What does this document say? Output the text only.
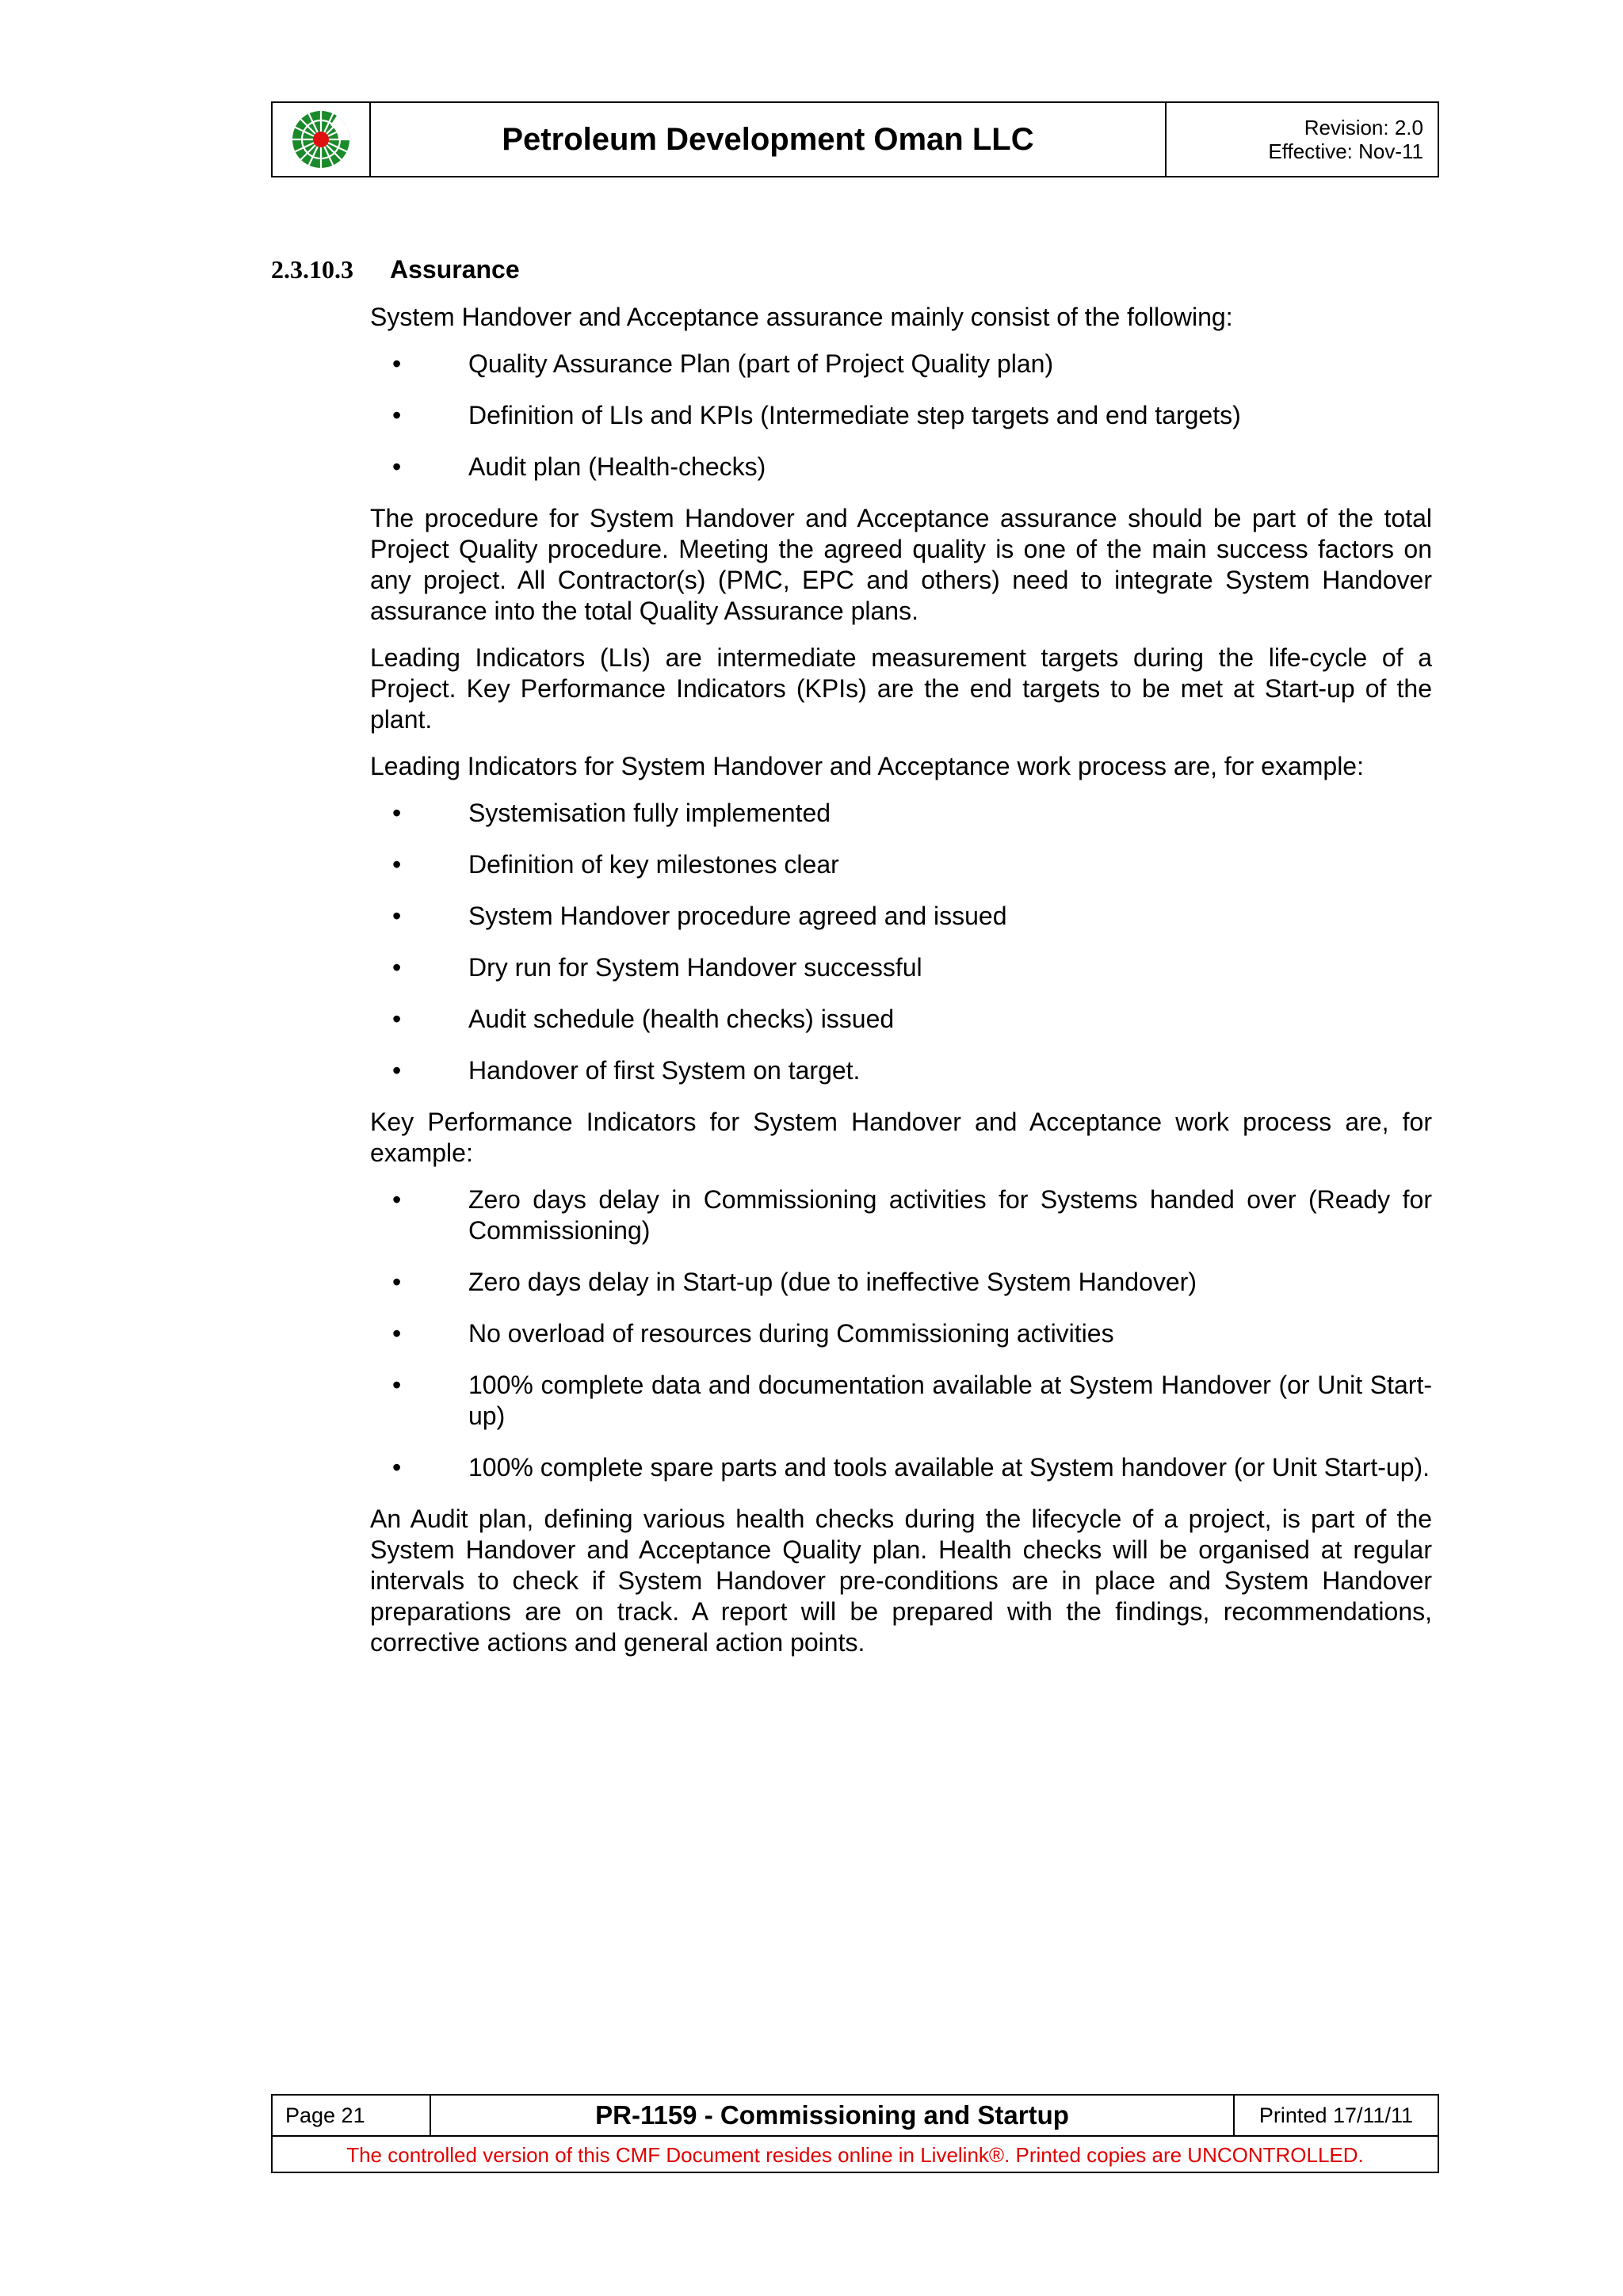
Petroleum Development Oman LLC	Revision: 2.0
Effective: Nov-11
2.3.10.3 Assurance

System Handover and Acceptance assurance mainly consist of the following:

•	Quality Assurance Plan (part of Project Quality plan)
•	Definition of LIs and KPIs (Intermediate step targets and end targets)
•	Audit plan (Health-checks)

The procedure for System Handover and Acceptance assurance should be part of the total Project Quality procedure. Meeting the agreed quality is one of the main success factors on any project. All Contractor(s) (PMC, EPC and others) need to integrate System Handover assurance into the total Quality Assurance plans.

Leading Indicators (LIs) are intermediate measurement targets during the life-cycle of a Project. Key Performance Indicators (KPIs) are the end targets to be met at Start-up of the plant.

Leading Indicators for System Handover and Acceptance work process are, for example:

•	Systemisation fully implemented
•	Definition of key milestones clear
•	System Handover procedure agreed and issued
•	Dry run for System Handover successful
•	Audit schedule (health checks) issued
•	Handover of first System on target.

Key Performance Indicators for System Handover and Acceptance work process are, for example:

•	Zero days delay in Commissioning activities for Systems handed over (Ready for Commissioning)
•	Zero days delay in Start-up (due to ineffective System Handover)
•	No overload of resources during Commissioning activities
•	100% complete data and documentation available at System Handover (or Unit Start-up)
•	100% complete spare parts and tools available at System handover (or Unit Start-up).

An Audit plan, defining various health checks during the lifecycle of a project, is part of the System Handover and Acceptance Quality plan. Health checks will be organised at regular intervals to check if System Handover pre-conditions are in place and System Handover preparations are on track. A report will be prepared with the findings, recommendations, corrective actions and general action points.

Page 21	PR-1159 - Commissioning and Startup	Printed 17/11/11
The controlled version of this CMF Document resides online in Livelink®. Printed copies are UNCONTROLLED.
